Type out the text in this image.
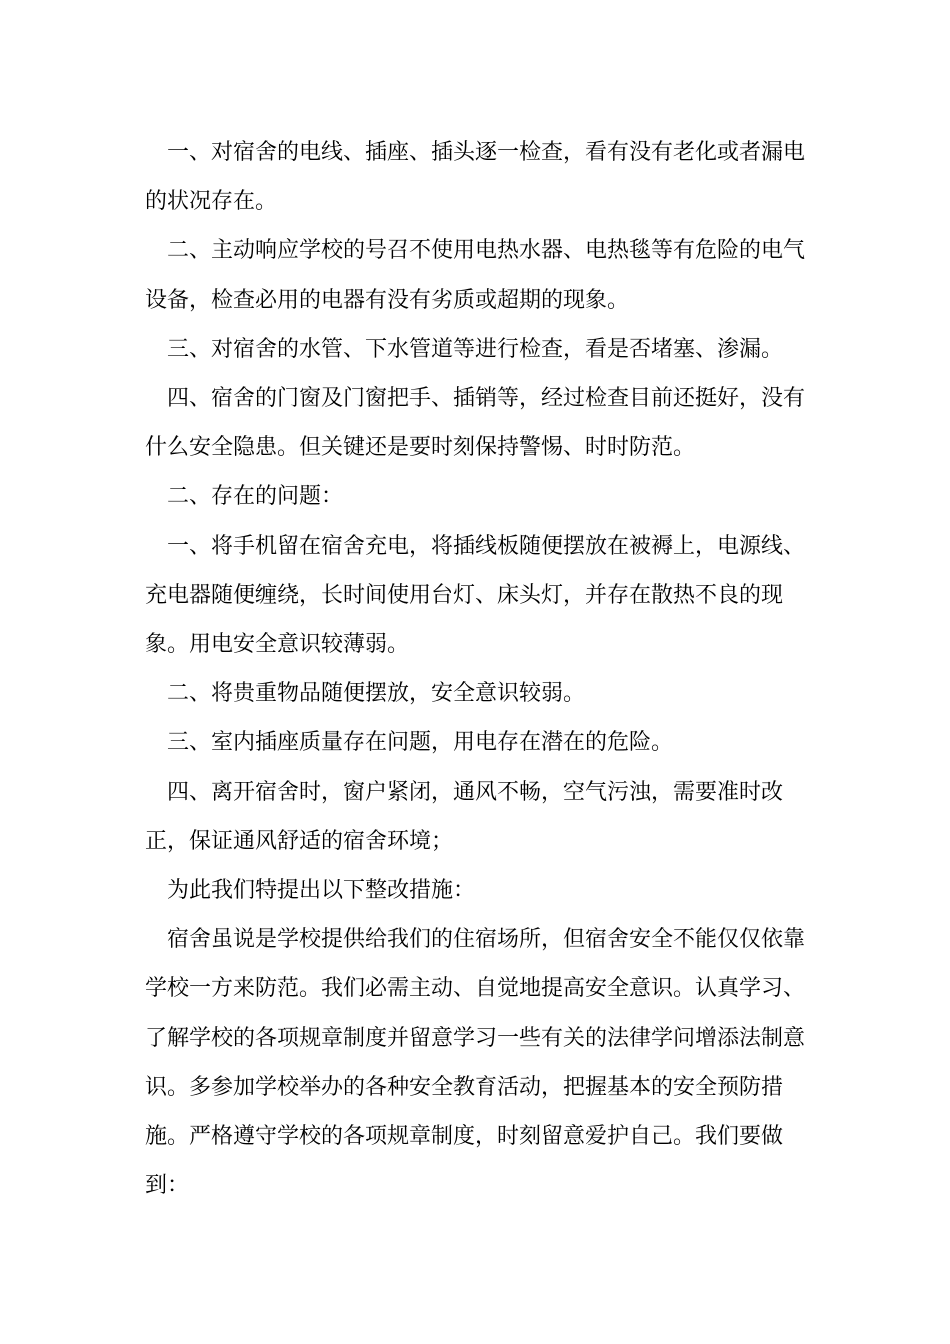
一、对宿舍的电线、插座、插头逐一检查，看有没有老化或者漏电的状况存在。

二、主动响应学校的号召不使用电热水器、电热毯等有危险的电气设备，检查必用的电器有没有劣质或超期的现象。

三、对宿舍的水管、下水管道等进行检查，看是否堵塞、渗漏。

四、宿舍的门窗及门窗把手、插销等，经过检查目前还挺好，没有什么安全隐患。但关键还是要时刻保持警惕、时时防范。

二、存在的问题：

一、将手机留在宿舍充电，将插线板随便摆放在被褥上，电源线、充电器随便缠绕，长时间使用台灯、床头灯，并存在散热不良的现象。用电安全意识较薄弱。

二、将贵重物品随便摆放，安全意识较弱。

三、室内插座质量存在问题，用电存在潜在的危险。

四、离开宿舍时，窗户紧闭，通风不畅，空气污浊，需要准时改正，保证通风舒适的宿舍环境；

为此我们特提出以下整改措施：

宿舍虽说是学校提供给我们的住宿场所，但宿舍安全不能仅仅依靠学校一方来防范。我们必需主动、自觉地提高安全意识。认真学习、了解学校的各项规章制度并留意学习一些有关的法律学问增添法制意识。多参加学校举办的各种安全教育活动，把握基本的安全预防措施。严格遵守学校的各项规章制度，时刻留意爱护自己。我们要做到：
